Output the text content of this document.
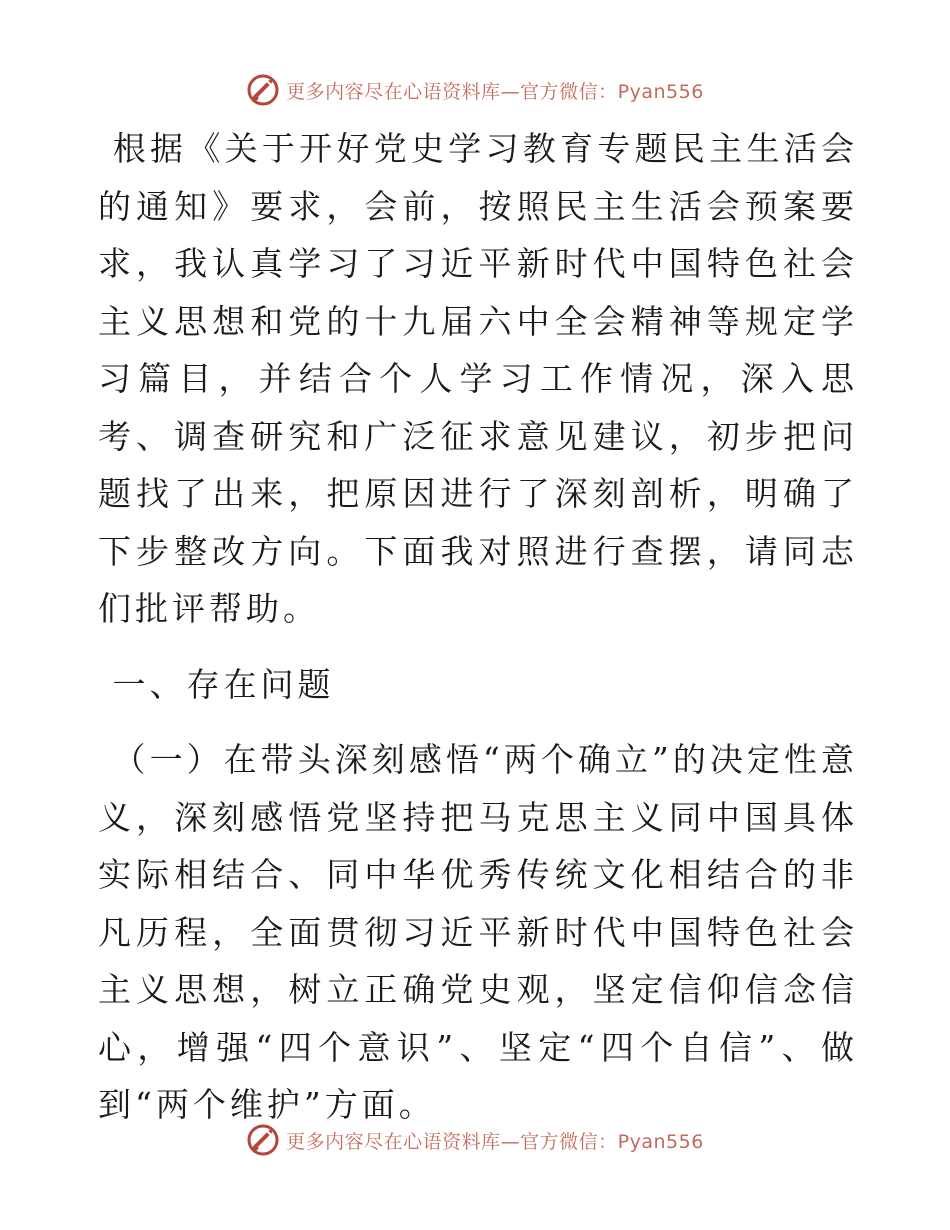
更多内容尽在心语资料库—官方微信：Pyan556

根据《关于开好党史学习教育专题民主生活会的通知》要求，会前，按照民主生活会预案要求，我认真学习了习近平新时代中国特色社会主义思想和党的十九届六中全会精神等规定学习篇目，并结合个人学习工作情况，深入思考、调查研究和广泛征求意见建议，初步把问题找了出来，把原因进行了深刻剖析，明确了下步整改方向。下面我对照进行查摆，请同志们批评帮助。

一、存在问题

（一）在带头深刻感悟“两个确立”的决定性意义，深刻感悟党坚持把马克思主义同中国具体实际相结合、同中华优秀传统文化相结合的非凡历程，全面贯彻习近平新时代中国特色社会主义思想，树立正确党史观，坚定信仰信念信心，增强“四个意识”、坚定“四个自信”、做到“两个维护”方面。

更多内容尽在心语资料库—官方微信：Pyan556
